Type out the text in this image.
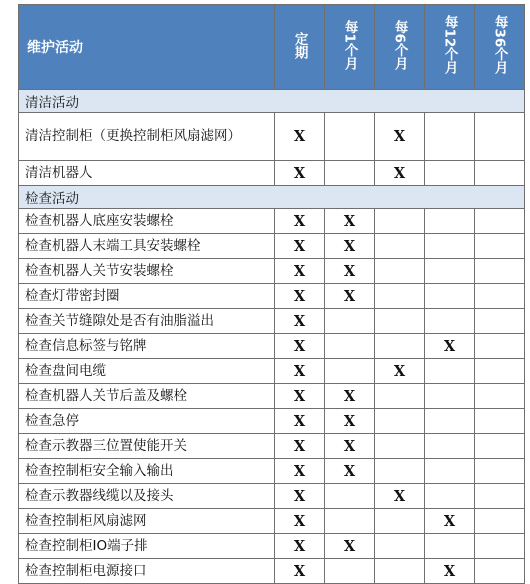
维护活动	定期	每1个月	每6个月	每12个月	每36个月
清洁活动					
清洁控制柜（更换控制柜风扇滤网）	X		X		
清洁机器人	X		X		
检查活动					
检查机器人底座安装螺栓	X	X			
检查机器人末端工具安装螺栓	X	X			
检查机器人关节安装螺栓	X	X			
检查灯带密封圈	X	X			
检查关节缝隙处是否有油脂溢出	X				
检查信息标签与铭牌	X			X	
检查盘间电缆	X		X		
检查机器人关节后盖及螺栓	X	X			
检查急停	X	X			
检查示教器三位置使能开关	X	X			
检查控制柜安全输入输出	X	X			
检查示教器线缆以及接头	X		X		
检查控制柜风扇滤网	X			X	
检查控制柜IO端子排	X	X			
检查控制柜电源接口	X			X	
